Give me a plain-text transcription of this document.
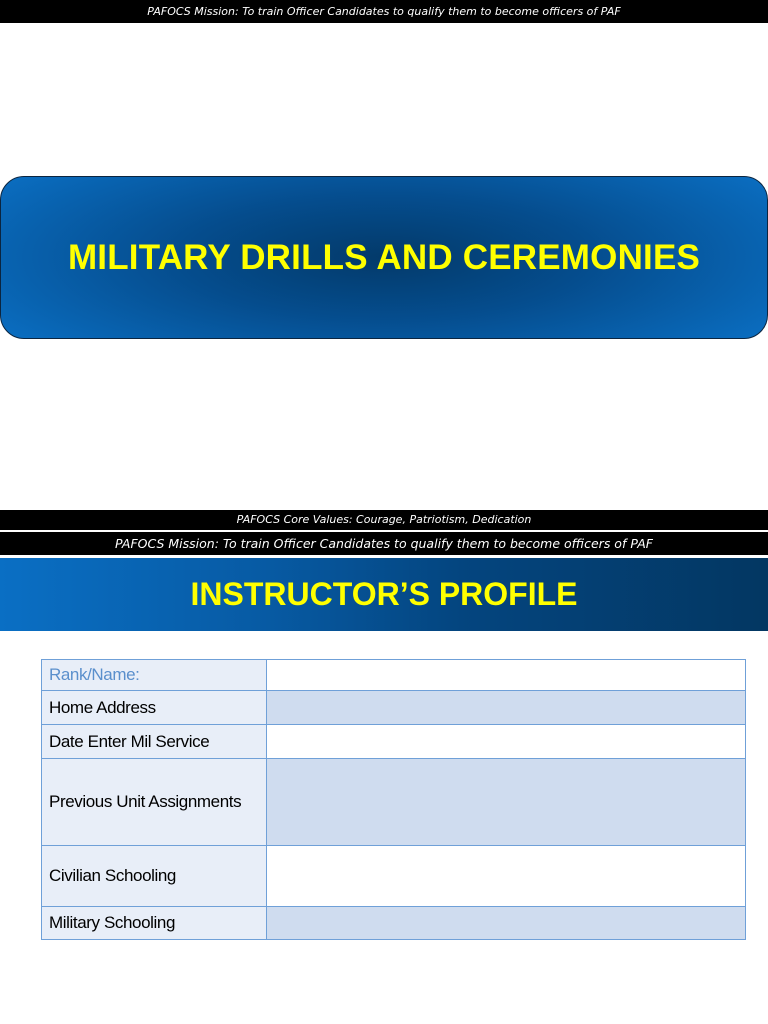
PAFOCS Mission: To train Officer Candidates to qualify them to become officers of PAF
MILITARY DRILLS AND CEREMONIES
PAFOCS Core Values: Courage, Patriotism, Dedication
PAFOCS Mission: To train Officer Candidates to qualify them to become officers of PAF
INSTRUCTOR’S PROFILE
Rank/Name:	
Home Address	
Date Enter Mil Service	
Previous Unit Assignments	
Civilian Schooling	
Military Schooling	
